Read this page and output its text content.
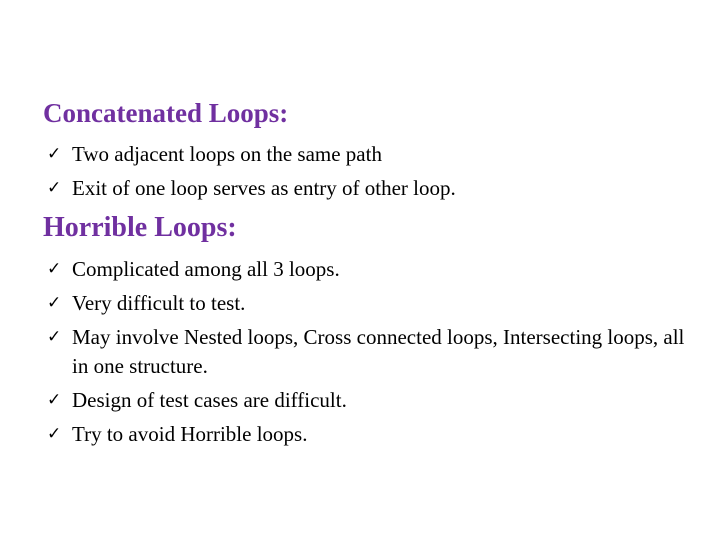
Concatenated Loops:
✓ Two adjacent loops on the same path
✓ Exit of one loop serves as entry of other loop.
Horrible Loops:
✓ Complicated among all 3 loops.
✓ Very difficult to test.
✓ May involve Nested loops, Cross connected loops, Intersecting loops, all in one structure.
✓ Design of test cases are difficult.
✓ Try to avoid Horrible loops.
